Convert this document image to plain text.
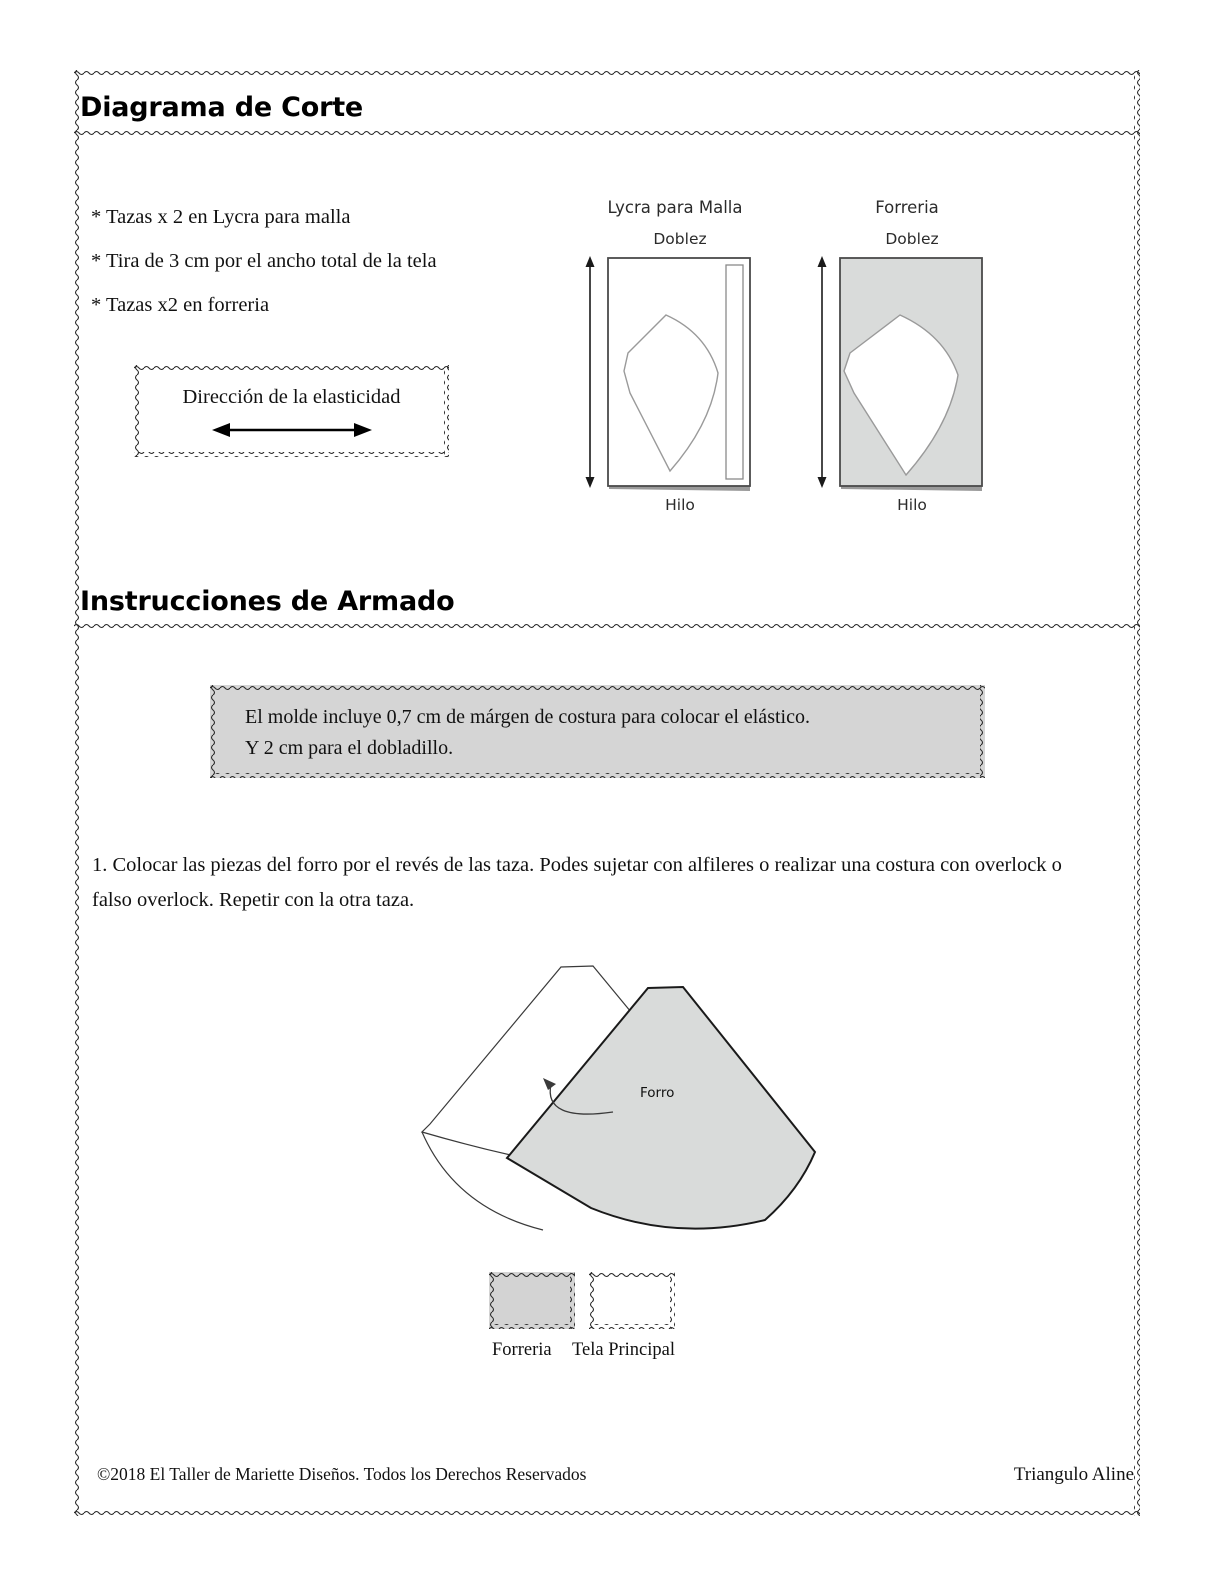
Diagrama de Corte
* Tazas x 2 en Lycra para malla
* Tira de 3 cm por el ancho total de la tela
* Tazas x2 en forreria
Dirección de la elasticidad
Lycra para Malla
Doblez
Hilo
Forreria
Doblez
Hilo
Instrucciones de Armado
El molde incluye 0,7 cm de márgen de costura para colocar el elástico.
Y 2 cm para el dobladillo.
1. Colocar las piezas del forro por el revés de las taza. Podes sujetar con alfileres o realizar una costura con overlock o falso overlock. Repetir con la otra taza.
Forro
Forreria Tela Principal
©2018 El Taller de Mariette Diseños. Todos los Derechos Reservados	Triangulo Aline
